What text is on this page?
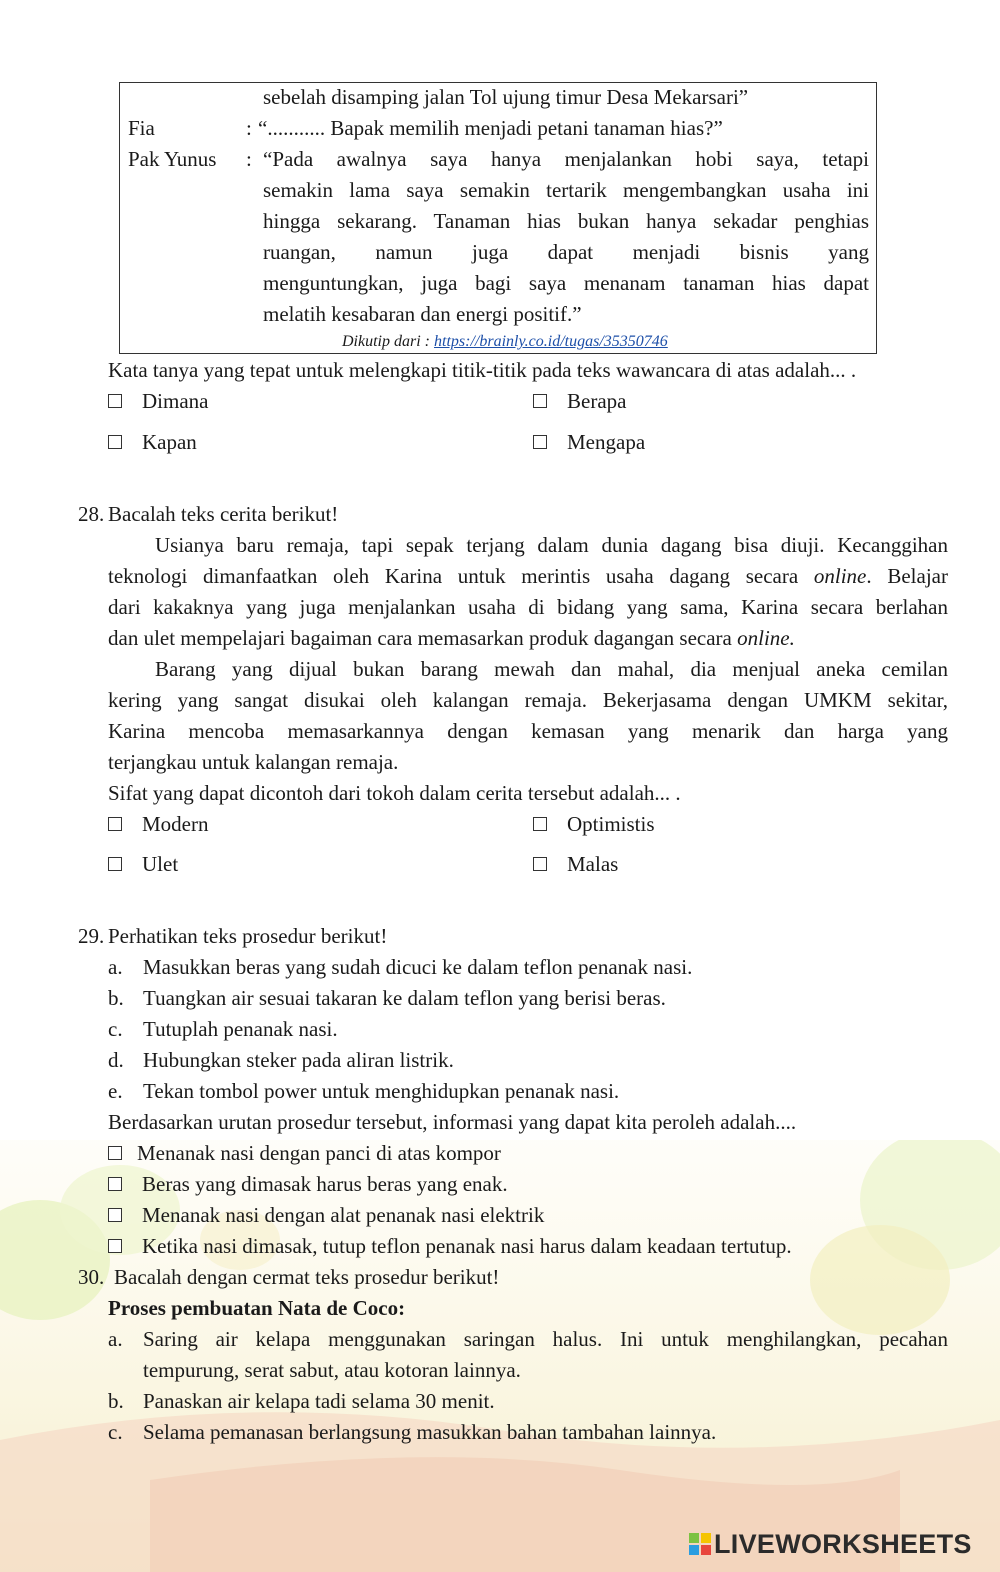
sebelah disamping jalan Tol ujung timur Desa Mekarsari”
Fia	: “........... Bapak memilih menjadi petani tanaman hias?”
Pak Yunus : “Pada awalnya saya hanya menjalankan hobi saya, tetapi
semakin lama saya semakin tertarik mengembangkan usaha ini
hingga sekarang. Tanaman hias bukan hanya sekadar penghias
ruangan, namun juga dapat menjadi bisnis yang
menguntungkan, juga bagi saya menanam tanaman hias dapat
melatih kesabaran dan energi positif.”
Dikutip dari : https://brainly.co.id/tugas/35350746
Kata tanya yang tepat untuk melengkapi titik-titik pada teks wawancara di atas adalah... .
Dimana	Berapa
Kapan	Mengapa
28. Bacalah teks cerita berikut!
Usianya baru remaja, tapi sepak terjang dalam dunia dagang bisa diuji. Kecanggihan
teknologi dimanfaatkan oleh Karina untuk merintis usaha dagang secara online. Belajar
dari kakaknya yang juga menjalankan usaha di bidang yang sama, Karina secara berlahan
dan ulet mempelajari bagaiman cara memasarkan produk dagangan secara online.
Barang yang dijual bukan barang mewah dan mahal, dia menjual aneka cemilan
kering yang sangat disukai oleh kalangan remaja. Bekerjasama dengan UMKM sekitar,
Karina mencoba memasarkannya dengan kemasan yang menarik dan harga yang
terjangkau untuk kalangan remaja.
Sifat yang dapat dicontoh dari tokoh dalam cerita tersebut adalah... .
Modern	Optimistis
Ulet	Malas
29. Perhatikan teks prosedur berikut!
a. Masukkan beras yang sudah dicuci ke dalam teflon penanak nasi.
b. Tuangkan air sesuai takaran ke dalam teflon yang berisi beras.
c. Tutuplah penanak nasi.
d. Hubungkan steker pada aliran listrik.
e. Tekan tombol power untuk menghidupkan penanak nasi.
Berdasarkan urutan prosedur tersebut, informasi yang dapat kita peroleh adalah....
Menanak nasi dengan panci di atas kompor
Beras yang dimasak harus beras yang enak.
Menanak nasi dengan alat penanak nasi elektrik
Ketika nasi dimasak, tutup teflon penanak nasi harus dalam keadaan tertutup.
30. Bacalah dengan cermat teks prosedur berikut!
Proses pembuatan Nata de Coco:
a. Saring air kelapa menggunakan saringan halus. Ini untuk menghilangkan, pecahan
tempurung, serat sabut, atau kotoran lainnya.
b. Panaskan air kelapa tadi selama 30 menit.
c. Selama pemanasan berlangsung masukkan bahan tambahan lainnya.
LIVEWORKSHEETS
